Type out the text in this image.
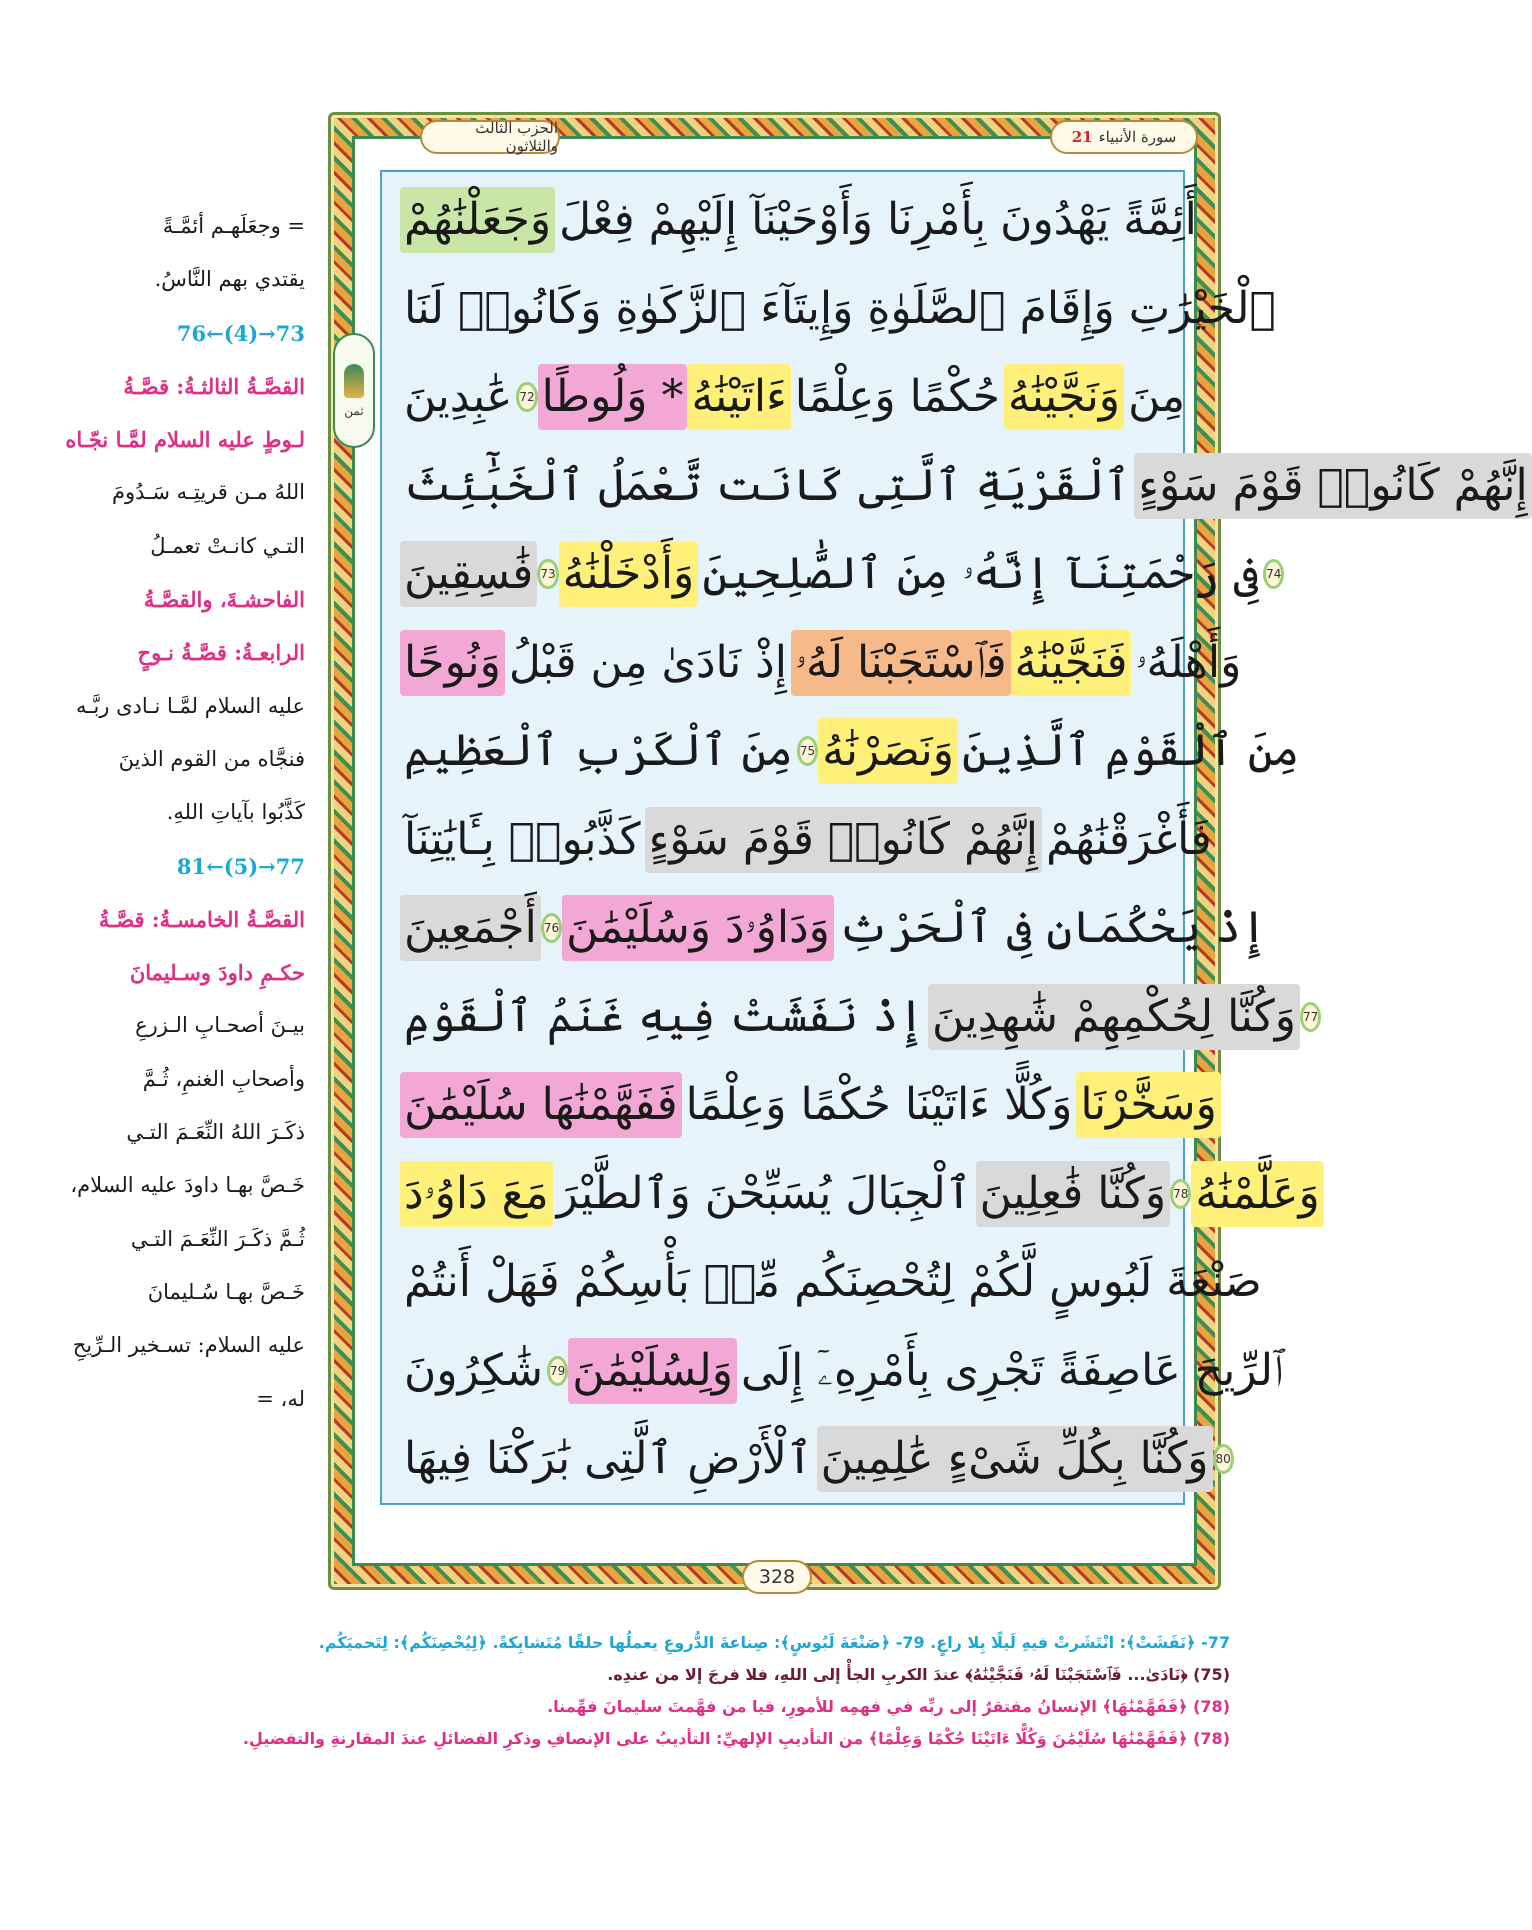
الحزب الثالث والثلاثون	سورة الأنبياء
21
وَجَعَلْنَٰهُمْ أَئِمَّةً يَهْدُونَ بِأَمْرِنَا وَأَوْحَيْنَآ إِلَيْهِمْ فِعْلَ
ٱلْخَيْرَٰتِ وَإِقَامَ ٱلصَّلَوٰةِ وَإِيتَآءَ ٱلزَّكَوٰةِ وَكَانُوا۟ لَنَا
عَٰبِدِينَ 72 * وَلُوطًا ءَاتَيْنَٰهُ حُكْمًا وَعِلْمًا وَنَجَّيْنَٰهُ مِنَ
ٱلْقَرْيَةِ ٱلَّتِى كَانَت تَّعْمَلُ ٱلْخَبَٰٓئِثَ إِنَّهُمْ كَانُوا۟ قَوْمَ سَوْءٍ
فَٰسِقِينَ 73 وَأَدْخَلْنَٰهُ فِى رَحْمَتِنَآ إِنَّهُۥ مِنَ ٱلصَّٰلِحِينَ 74
وَنُوحًا إِذْ نَادَىٰ مِن قَبْلُ فَٱسْتَجَبْنَا لَهُۥ فَنَجَّيْنَٰهُ وَأَهْلَهُۥ
مِنَ ٱلْكَرْبِ ٱلْعَظِيمِ 75 وَنَصَرْنَٰهُ مِنَ ٱلْقَوْمِ ٱلَّذِينَ
كَذَّبُوا۟ بِـَٔايَٰتِنَآ إِنَّهُمْ كَانُوا۟ قَوْمَ سَوْءٍ فَأَغْرَقْنَٰهُمْ
أَجْمَعِينَ 76 وَدَاوُۥدَ وَسُلَيْمَٰنَ إِذْ يَحْكُمَانِ فِى ٱلْحَرْثِ
إِذْ نَفَشَتْ فِيهِ غَنَمُ ٱلْقَوْمِ وَكُنَّا لِحُكْمِهِمْ شَٰهِدِينَ 77
فَفَهَّمْنَٰهَا سُلَيْمَٰنَ وَكُلًّا ءَاتَيْنَا حُكْمًا وَعِلْمًا وَسَخَّرْنَا
مَعَ دَاوُۥدَ ٱلْجِبَالَ يُسَبِّحْنَ وَٱلطَّيْرَ وَكُنَّا فَٰعِلِينَ 78 وَعَلَّمْنَٰهُ
صَنْعَةَ لَبُوسٍ لَّكُمْ لِتُحْصِنَكُم مِّنۢ بَأْسِكُمْ فَهَلْ أَنتُمْ
شَٰكِرُونَ 79 وَلِسُلَيْمَٰنَ ٱلرِّيحَ عَاصِفَةً تَجْرِى بِأَمْرِهِۦٓ إِلَى
ٱلْأَرْضِ ٱلَّتِى بَٰرَكْنَا فِيهَا وَكُنَّا بِكُلِّ شَىْءٍ عَٰلِمِينَ 80
ثمن
328
= وجعَلَهـم أئمَّـةً
يقتدي بهم النَّاسُ.
76←(4)→73
القصَّـةُ الثالثـةُ: قصَّـةُ
لـوطٍ عليه السلام لمَّـا نجّـاه
اللهُ مـن قريتِـه سَـدُومَ
التـي كانـتْ تعمـلُ
الفاحشـةَ، والقصَّـةُ
الرابعـةُ: قصَّـةُ نـوحٍ
عليه السلام لمَّـا نـادى ربَّـه
فنجَّاه من القوم الذينَ
كَذَّبُوا بآياتِ اللهِ.
81←(5)→77
القصَّـةُ الخامسـةُ: قصَّـةُ
حكـمِ داودَ وسـليمانَ
بيـنَ أصحـابِ الـزرعِ
وأصحابِ الغنمِ، ثُـمَّ
ذكَـرَ اللهُ النِّعَـمَ التـي
خَـصَّ بهـا داودَ عليه السلام،
ثُـمَّ ذكَـرَ النِّعَـمَ التـي
خَـصَّ بهـا سُـليمانَ
عليه السلام: تسـخير الـرِّيحِ
له، =
77- ﴿نَفَشَتْ﴾: انْتَشَرتْ فيهِ لَيلًا بِلا راعٍ. 79- ﴿صَنْعَةَ لَبُوسٍ﴾: صِناعةَ الدُّروعِ يعملُها حلقًا مُتَشابِكةً. ﴿لِيُحْصِنَكُم﴾: لِتَحميَكُم.
(75) ﴿نَادَىٰ... فَٱسْتَجَبْنَا لَهُۥ فَنَجَّيْنَٰهُ﴾ عندَ الكربِ الجأْ إلى اللهِ، فلا فرجَ إلا من عندِه.
(78) ﴿فَفَهَّمْنَٰهَا﴾ الإنسانُ مفتقرٌ إلى ربِّه في فهمِه للأمورِ، فيا من فهَّمتَ سليمانَ فهِّمنا.
(78) ﴿فَفَهَّمْنَٰهَا سُلَيْمَٰنَ وَكُلًّا ءَاتَيْنَا حُكْمًا وَعِلْمًا﴾ من التأديبِ الإلهيِّ: التأديبُ على الإنصافِ وذكرِ الفضائلِ عندَ المقارنةِ والتفضيلِ.
